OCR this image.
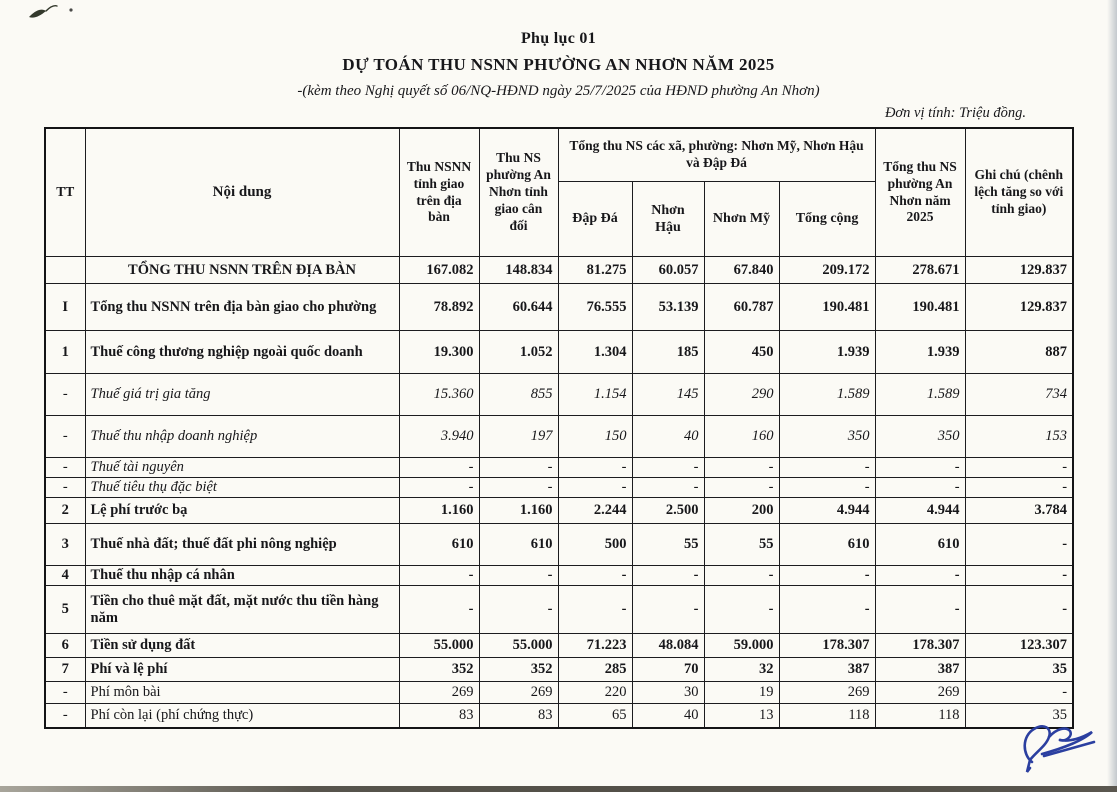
Phụ lục 01
DỰ TOÁN THU NSNN PHƯỜNG AN NHƠN NĂM 2025
-(kèm theo Nghị quyết số 06/NQ-HĐND ngày 25/7/2025 của HĐND phường An Nhơn)
Đơn vị tính: Triệu đồng.
TT	Nội dung	Thu NSNN tỉnh giao trên địa bàn	Thu NS phường An Nhơn tỉnh giao cân đối	Tổng thu NS các xã, phường: Nhơn Mỹ, Nhơn Hậu và Đập Đá				Tổng thu NS phường An Nhơn năm 2025	Ghi chú (chênh lệch tăng so với tỉnh giao)
				Đập Đá	Nhơn Hậu	Nhơn Mỹ	Tổng cộng		
	TỔNG THU NSNN TRÊN ĐỊA BÀN	167.082	148.834	81.275	60.057	67.840	209.172	278.671	129.837
I	Tổng thu NSNN trên địa bàn giao cho phường	78.892	60.644	76.555	53.139	60.787	190.481	190.481	129.837
1	Thuế công thương nghiệp ngoài quốc doanh	19.300	1.052	1.304	185	450	1.939	1.939	887
-	Thuế giá trị gia tăng	15.360	855	1.154	145	290	1.589	1.589	734
-	Thuế thu nhập doanh nghiệp	3.940	197	150	40	160	350	350	153
-	Thuế tài nguyên	-	-	-	-	-	-	-	-
-	Thuế tiêu thụ đặc biệt	-	-	-	-	-	-	-	-
2	Lệ phí trước bạ	1.160	1.160	2.244	2.500	200	4.944	4.944	3.784
3	Thuế nhà đất; thuế đất phi nông nghiệp	610	610	500	55	55	610	610	-
4	Thuế thu nhập cá nhân	-	-	-	-	-	-	-	-
5	Tiền cho thuê mặt đất, mặt nước thu tiền hàng năm	-	-	-	-	-	-	-	-
6	Tiền sử dụng đất	55.000	55.000	71.223	48.084	59.000	178.307	178.307	123.307
7	Phí và lệ phí	352	352	285	70	32	387	387	35
-	Phí môn bài	269	269	220	30	19	269	269	-
-	Phí còn lại (phí chứng thực)	83	83	65	40	13	118	118	35
